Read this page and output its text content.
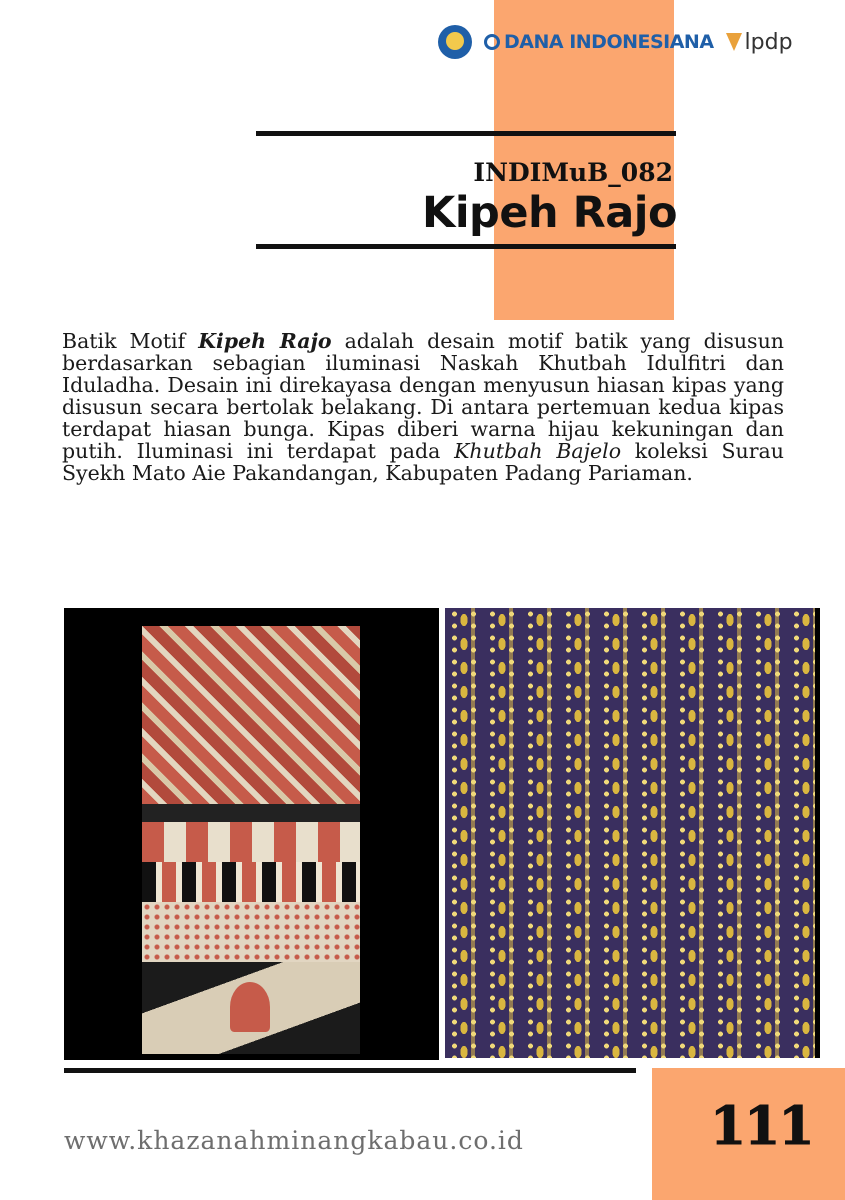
DANA INDONESIANA lpdp
INDIMuB_082
Kipeh Rajo

Batik Motif Kipeh Rajo adalah desain motif batik yang disusun berdasarkan sebagian iluminasi Naskah Khutbah Idulfitri dan Iduladha. Desain ini direkayasa dengan menyusun hiasan kipas yang disusun secara bertolak belakang. Di antara pertemuan kedua kipas terdapat hiasan bunga. Kipas diberi warna hijau kekuningan dan putih. Iluminasi ini terdapat pada Khutbah Bajelo koleksi Surau Syekh Mato Aie Pakandangan, Kabupaten Padang Pariaman.

www.khazanahminangkabau.co.id	111
